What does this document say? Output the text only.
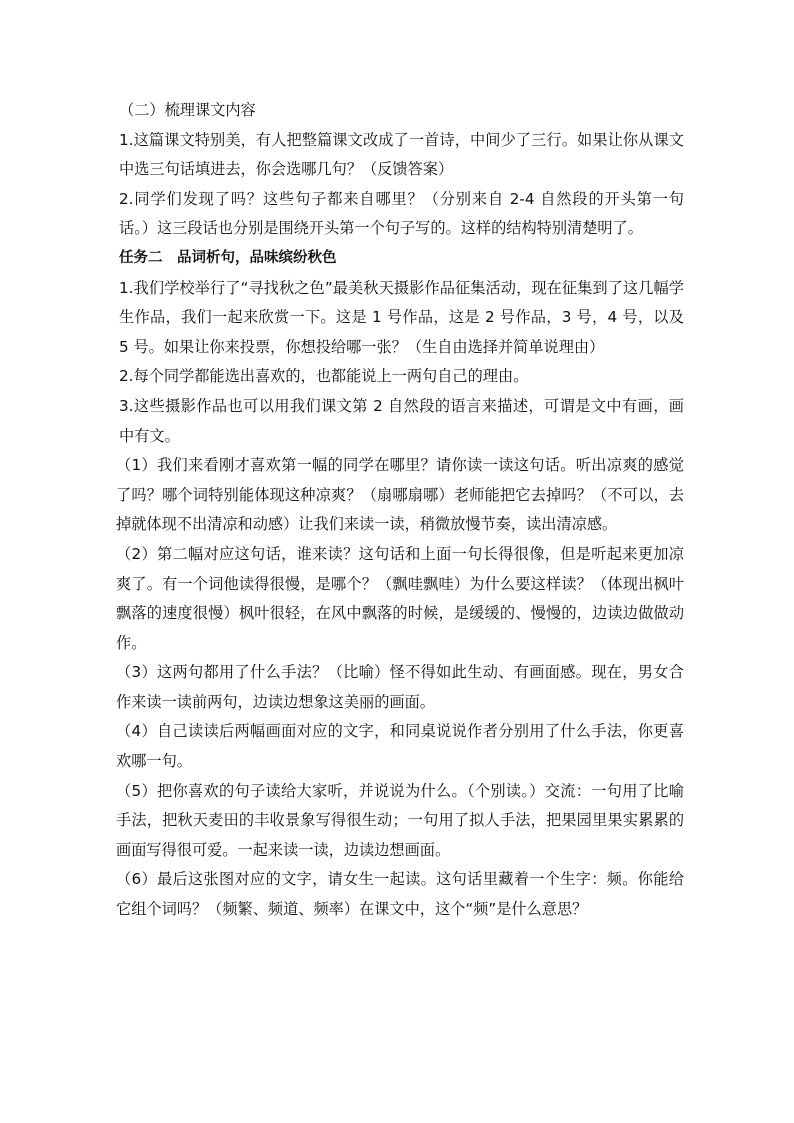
（二）梳理课文内容

1.这篇课文特别美，有人把整篇课文改成了一首诗，中间少了三行。如果让你从课文中选三句话填进去，你会选哪几句？（反馈答案）

2.同学们发现了吗？这些句子都来自哪里？（分别来自 2-4 自然段的开头第一句话。）这三段话也分别是围绕开头第一个句子写的。这样的结构特别清楚明了。

任务二　品词析句，品味缤纷秋色

1.我们学校举行了“寻找秋之色”最美秋天摄影作品征集活动，现在征集到了这几幅学生作品，我们一起来欣赏一下。这是 1 号作品，这是 2 号作品，3 号，4 号，以及 5 号。如果让你来投票，你想投给哪一张？（生自由选择并简单说理由）

2.每个同学都能选出喜欢的，也都能说上一两句自己的理由。

3.这些摄影作品也可以用我们课文第 2 自然段的语言来描述，可谓是文中有画，画中有文。

（1）我们来看刚才喜欢第一幅的同学在哪里？请你读一读这句话。听出凉爽的感觉了吗？哪个词特别能体现这种凉爽？（扇哪扇哪）老师能把它去掉吗？（不可以，去掉就体现不出清凉和动感）让我们来读一读，稍微放慢节奏，读出清凉感。

（2）第二幅对应这句话，谁来读？这句话和上面一句长得很像，但是听起来更加凉爽了。有一个词他读得很慢，是哪个？（飘哇飘哇）为什么要这样读？（体现出枫叶飘落的速度很慢）枫叶很轻，在风中飘落的时候，是缓缓的、慢慢的，边读边做做动作。

（3）这两句都用了什么手法？（比喻）怪不得如此生动、有画面感。现在，男女合作来读一读前两句，边读边想象这美丽的画面。

（4）自己读读后两幅画面对应的文字，和同桌说说作者分别用了什么手法，你更喜欢哪一句。

（5）把你喜欢的句子读给大家听，并说说为什么。（个别读。）交流：一句用了比喻手法，把秋天麦田的丰收景象写得很生动；一句用了拟人手法，把果园里果实累累的画面写得很可爱。一起来读一读，边读边想画面。

（6）最后这张图对应的文字，请女生一起读。这句话里藏着一个生字：频。你能给它组个词吗？（频繁、频道、频率）在课文中，这个“频”是什么意思？
